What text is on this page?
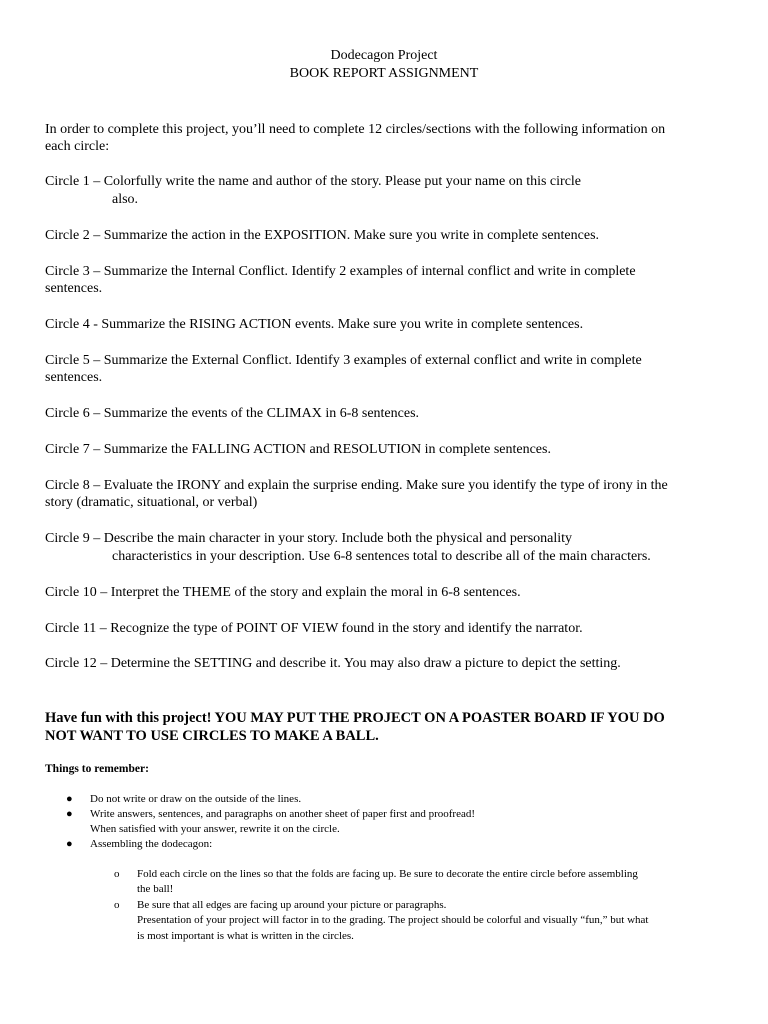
Dodecagon Project
BOOK REPORT ASSIGNMENT
In order to complete this project, you’ll need to complete 12 circles/sections with the following information on
each circle:
Circle 1 – Colorfully write the name and author of the story. Please put your name on this circle
also.
Circle 2 – Summarize the action in the EXPOSITION. Make sure you write in complete sentences.
Circle 3 – Summarize the Internal Conflict. Identify 2 examples of internal conflict and write in complete
sentences.
Circle 4 - Summarize the RISING ACTION events. Make sure you write in complete sentences.
Circle 5 – Summarize the External Conflict. Identify 3 examples of external conflict and write in complete
sentences.
Circle 6 – Summarize the events of the CLIMAX in 6-8 sentences.
Circle 7 – Summarize the FALLING ACTION and RESOLUTION in complete sentences.
Circle 8 – Evaluate the IRONY and explain the surprise ending. Make sure you identify the type of irony in the
story (dramatic, situational, or verbal)
Circle 9 – Describe the main character in your story. Include both the physical and personality
characteristics in your description. Use 6-8 sentences total to describe all of the main characters.
Circle 10 – Interpret the THEME of the story and explain the moral in 6-8 sentences.
Circle 11 – Recognize the type of POINT OF VIEW found in the story and identify the narrator.
Circle 12 – Determine the SETTING and describe it. You may also draw a picture to depict the setting.
Have fun with this project! YOU MAY PUT THE PROJECT ON A POASTER BOARD IF YOU DO
NOT WANT TO USE CIRCLES TO MAKE A BALL.
Things to remember:
●	Do not write or draw on the outside of the lines.
●	Write answers, sentences, and paragraphs on another sheet of paper first and proofread!
When satisfied with your answer, rewrite it on the circle.
●	Assembling the dodecagon:
o Fold each circle on the lines so that the folds are facing up. Be sure to decorate the entire circle before assembling
the ball!
o Be sure that all edges are facing up around your picture or paragraphs.
Presentation of your project will factor in to the grading. The project should be colorful and visually “fun,” but what
is most important is what is written in the circles.
